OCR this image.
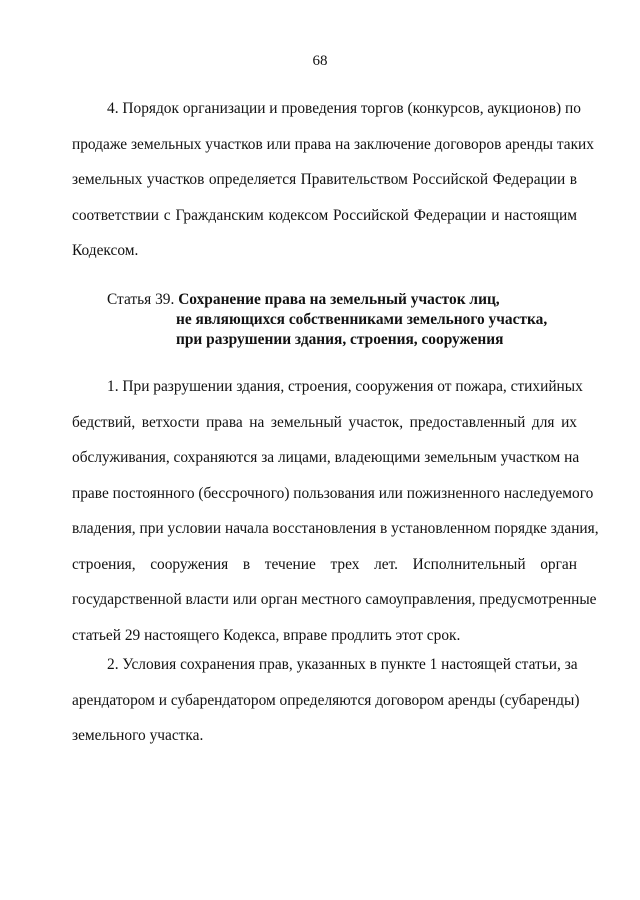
68
4. Порядок организации и проведения торгов (конкурсов, аукционов) по
продаже земельных участков или права на заключение договоров аренды таких
земельных участков определяется Правительством Российской Федерации в
соответствии с Гражданским кодексом Российской Федерации и настоящим
Кодексом.
Статья 39. Сохранение права на земельный участок лиц,
не являющихся собственниками земельного участка,
при разрушении здания, строения, сооружения
1. При разрушении здания, строения, сооружения от пожара, стихийных
бедствий, ветхости права на земельный участок, предоставленный для их
обслуживания, сохраняются за лицами, владеющими земельным участком на
праве постоянного (бессрочного) пользования или пожизненного наследуемого
владения, при условии начала восстановления в установленном порядке здания,
строения, сооружения в течение трех лет. Исполнительный орган
государственной власти или орган местного самоуправления, предусмотренные
статьей 29 настоящего Кодекса, вправе продлить этот срок.
2. Условия сохранения прав, указанных в пункте 1 настоящей статьи, за
арендатором и субарендатором определяются договором аренды (субаренды)
земельного участка.
